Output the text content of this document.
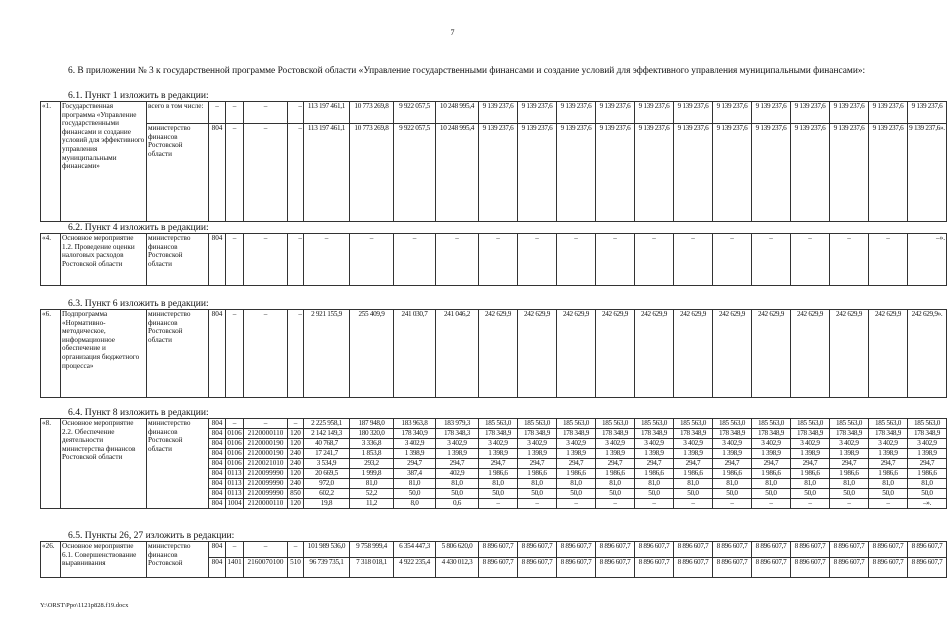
7
6. В приложении № 3 к государственной программе Ростовской области «Управление государственными финансами и создание условий для эффективного управления муниципальными финансами»:
6.1. Пункт 1 изложить в редакции:
«1.	Государственная программа «Управление государственными финансами и создание условий для эффективного управления муниципальными финансами»	всего в том числе:	–	–	–	–	113 197 461,1	10 773 269,8	9 922 057,5	10 248 995,4	9 139 237,6	9 139 237,6	9 139 237,6	9 139 237,6	9 139 237,6	9 139 237,6	9 139 237,6	9 139 237,6	9 139 237,6	9 139 237,6	9 139 237,6	9 139 237,6
		министерство финансов Ростовской области	804	–	–	–	113 197 461,1	10 773 269,8	9 922 057,5	10 248 995,4	9 139 237,6	9 139 237,6	9 139 237,6	9 139 237,6	9 139 237,6	9 139 237,6	9 139 237,6	9 139 237,6	9 139 237,6	9 139 237,6	9 139 237,6	9 139 237,6».
6.2. Пункт 4 изложить в редакции:
«4.	Основное мероприятие 1.2. Проведение оценки налоговых расходов Ростовской области	министерство финансов Ростовской области	804	–	–	–	–	–	–	–	–	–	–	–	–	–	–	–	–	–	–	–».
6.3. Пункт 6 изложить в редакции:
«6.	Подпрограмма «Нормативно-методическое, информационное обеспечение и организация бюджетного процесса»	министерство финансов Ростовской области	804	–	–	–	2 921 155,9	255 409,9	241 030,7	241 046,2	242 629,9	242 629,9	242 629,9	242 629,9	242 629,9	242 629,9	242 629,9	242 629,9	242 629,9	242 629,9	242 629,9	242 629,9».
6.4. Пункт 8 изложить в редакции:
«8.	Основное мероприятие 2.2. Обеспечение деятельности министерства финансов Ростовской области	министерство финансов Ростовской области	804	–	–	–	2 225 958,1	187 948,0	183 963,8	183 979,3	185 563,0	185 563,0	185 563,0	185 563,0	185 563,0	185 563,0	185 563,0	185 563,0	185 563,0	185 563,0	185 563,0	185 563,0
			804	0106	2120000110	120	2 142 149,3	180 320,0	178 340,9	178 348,3	178 348,9	178 348,9	178 348,9	178 348,9	178 348,9	178 348,9	178 348,9	178 348,9	178 348,9	178 348,9	178 348,9	178 348,9
			804	0106	2120000190	120	40 768,7	3 336,8	3 402,9	3 402,9	3 402,9	3 402,9	3 402,9	3 402,9	3 402,9	3 402,9	3 402,9	3 402,9	3 402,9	3 402,9	3 402,9	3 402,9
			804	0106	2120000190	240	17 241,7	1 853,8	1 398,9	1 398,9	1 398,9	1 398,9	1 398,9	1 398,9	1 398,9	1 398,9	1 398,9	1 398,9	1 398,9	1 398,9	1 398,9	1 398,9
			804	0106	2120021010	240	3 534,9	293,2	294,7	294,7	294,7	294,7	294,7	294,7	294,7	294,7	294,7	294,7	294,7	294,7	294,7	294,7
			804	0113	2120099990	120	20 669,5	1 999,8	387,4	402,9	1 986,6	1 986,6	1 986,6	1 986,6	1 986,6	1 986,6	1 986,6	1 986,6	1 986,6	1 986,6	1 986,6	1 986,6
			804	0113	2120099990	240	972,0	81,0	81,0	81,0	81,0	81,0	81,0	81,0	81,0	81,0	81,0	81,0	81,0	81,0	81,0	81,0
			804	0113	2120099990	850	602,2	52,2	50,0	50,0	50,0	50,0	50,0	50,0	50,0	50,0	50,0	50,0	50,0	50,0	50,0	50,0
			804	1004	2120000110	120	19,8	11,2	8,0	0,6	–	–	–	–	–	–	–	–	–	–	–	–».
6.5. Пункты 26, 27 изложить в редакции:
«26.	Основное мероприятие 6.1. Совершенствование выравнивания	министерство финансов Ростовской	804	–	–	–	101 989 536,0	9 758 999,4	6 354 447,3	5 806 620,0	8 896 607,7	8 896 607,7	8 896 607,7	8 896 607,7	8 896 607,7	8 896 607,7	8 896 607,7	8 896 607,7	8 896 607,7	8 896 607,7	8 896 607,7	8 896 607,7
			804	1401	2160070100	510	96 739 735,1	7 318 018,1	4 922 235,4	4 430 012,3	8 896 607,7	8 896 607,7	8 896 607,7	8 896 607,7	8 896 607,7	8 896 607,7	8 896 607,7	8 896 607,7	8 896 607,7	8 896 607,7	8 896 607,7	8 896 607,7
Y:\ORST\Ppo\1121p828.f19.docx
